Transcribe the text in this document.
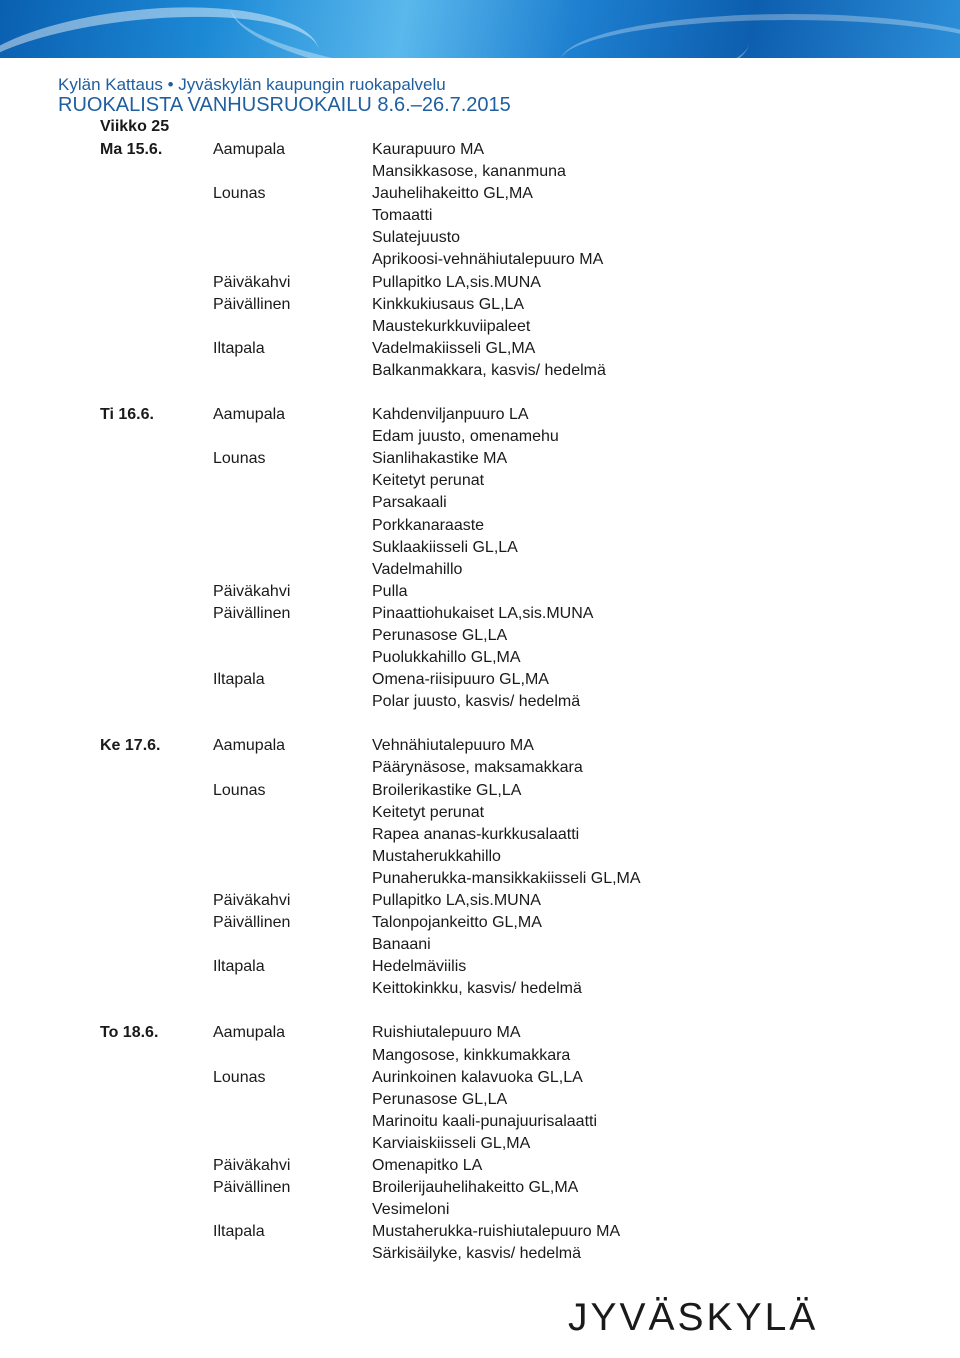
Kylän Kattaus • Jyväskylän kaupungin ruokapalvelu
RUOKALISTA VANHUSRUOKAILU 8.6.–26.7.2015
Viikko 25
Ma 15.6.	Aamupala	Kaurapuuro MA
Mansikkasose, kananmuna
Lounas	Jauhelihakeitto GL,MA
Tomaatti
Sulatejuusto
Aprikoosi-vehnähiutalepuuro MA
Päiväkahvi	Pullapitko LA,sis.MUNA
Päivällinen	Kinkkukiusaus GL,LA
Maustekurkkuviipaleet
Iltapala	Vadelmakiisseli GL,MA
Balkanmakkara, kasvis/ hedelmä
Ti 16.6.	Aamupala	Kahdenviljanpuuro LA
Edam juusto, omenamehu
Lounas	Sianlihakastike MA
Keitetyt perunat
Parsakaali
Porkkanaraaste
Suklaakiisseli GL,LA
Vadelmahillo
Päiväkahvi	Pulla
Päivällinen	Pinaattiohukaiset LA,sis.MUNA
Perunasose GL,LA
Puolukkahillo GL,MA
Iltapala	Omena-riisipuuro GL,MA
Polar juusto, kasvis/ hedelmä
Ke 17.6.	Aamupala	Vehnähiutalepuuro MA
Päärynäsose, maksamakkara
Lounas	Broilerikastike GL,LA
Keitetyt perunat
Rapea ananas-kurkkusalaatti
Mustaherukkahillo
Punaherukka-mansikkakiisseli GL,MA
Päiväkahvi	Pullapitko LA,sis.MUNA
Päivällinen	Talonpojankeitto GL,MA
Banaani
Iltapala	Hedelmäviilis
Keittokinkku, kasvis/ hedelmä
To 18.6.	Aamupala	Ruishiutalepuuro MA
Mangosose, kinkkumakkara
Lounas	Aurinkoinen kalavuoka GL,LA
Perunasose GL,LA
Marinoitu kaali-punajuurisalaatti
Karviaiskiisseli GL,MA
Päiväkahvi	Omenapitko LA
Päivällinen	Broilerijauhelihakeitto GL,MA
Vesimeloni
Iltapala	Mustaherukka-ruishiutalepuuro MA
Särkisäilyke, kasvis/ hedelmä
JYVÄSKYLÄ
